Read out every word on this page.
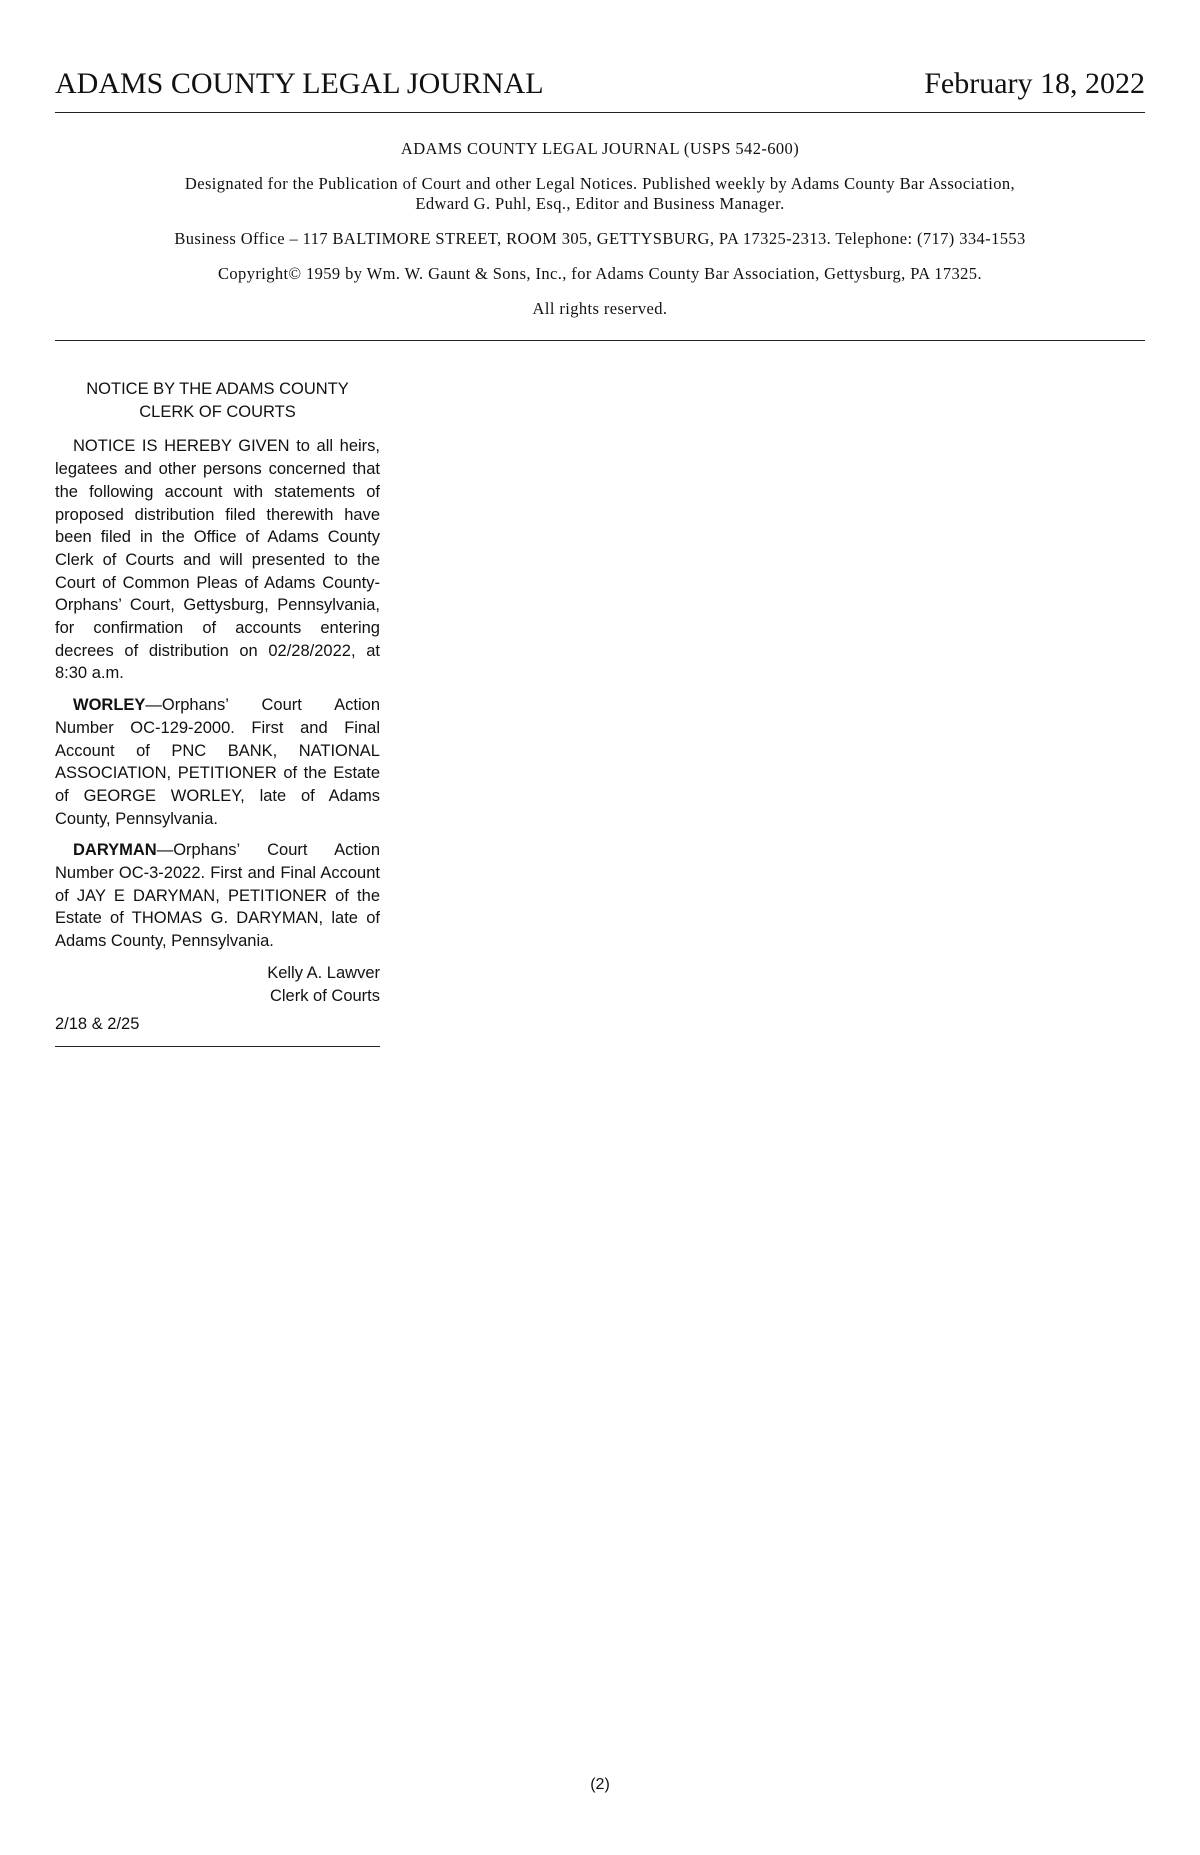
ADAMS COUNTY LEGAL JOURNAL	February 18, 2022

ADAMS COUNTY LEGAL JOURNAL (USPS 542-600)

Designated for the Publication of Court and other Legal Notices. Published weekly by Adams County Bar Association,

Edward G. Puhl, Esq., Editor and Business Manager.

Business Office – 117 BALTIMORE STREET, ROOM 305, GETTYSBURG, PA 17325-2313. Telephone: (717) 334-1553

Copyright© 1959 by Wm. W. Gaunt & Sons, Inc., for Adams County Bar Association, Gettysburg, PA 17325.

All rights reserved.

NOTICE BY THE ADAMS COUNTY
CLERK OF COURTS

NOTICE IS HEREBY GIVEN to all heirs, legatees and other persons concerned that the following account with statements of proposed distribution filed therewith have been filed in the Office of Adams County Clerk of Courts and will presented to the Court of Common Pleas of Adams County-Orphans’ Court, Gettysburg, Pennsylvania, for confirmation of accounts entering decrees of distribution on 02/28/2022, at 8:30 a.m.

WORLEY—Orphans’ Court Action Number OC-129-2000. First and Final Account of PNC BANK, NATIONAL ASSOCIATION, PETITIONER of the Estate of GEORGE WORLEY, late of Adams County, Pennsylvania.

DARYMAN—Orphans’ Court Action Number OC-3-2022. First and Final Account of JAY E DARYMAN, PETITIONER of the Estate of THOMAS G. DARYMAN, late of Adams County, Pennsylvania.

Kelly A. Lawver
Clerk of Courts

2/18 & 2/25

(2)
